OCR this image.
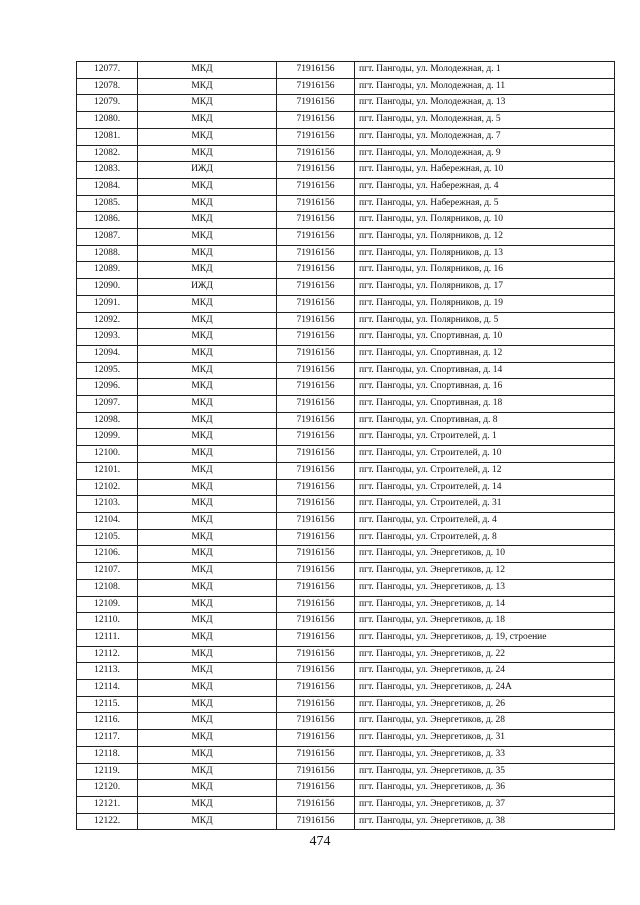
12077.	МКД	71916156	пгт. Пангоды, ул. Молодежная, д. 1
12078.	МКД	71916156	пгт. Пангоды, ул. Молодежная, д. 11
12079.	МКД	71916156	пгт. Пангоды, ул. Молодежная, д. 13
12080.	МКД	71916156	пгт. Пангоды, ул. Молодежная, д. 5
12081.	МКД	71916156	пгт. Пангоды, ул. Молодежная, д. 7
12082.	МКД	71916156	пгт. Пангоды, ул. Молодежная, д. 9
12083.	ИЖД	71916156	пгт. Пангоды, ул. Набережная, д. 10
12084.	МКД	71916156	пгт. Пангоды, ул. Набережная, д. 4
12085.	МКД	71916156	пгт. Пангоды, ул. Набережная, д. 5
12086.	МКД	71916156	пгт. Пангоды, ул. Полярников, д. 10
12087.	МКД	71916156	пгт. Пангоды, ул. Полярников, д. 12
12088.	МКД	71916156	пгт. Пангоды, ул. Полярников, д. 13
12089.	МКД	71916156	пгт. Пангоды, ул. Полярников, д. 16
12090.	ИЖД	71916156	пгт. Пангоды, ул. Полярников, д. 17
12091.	МКД	71916156	пгт. Пангоды, ул. Полярников, д. 19
12092.	МКД	71916156	пгт. Пангоды, ул. Полярников, д. 5
12093.	МКД	71916156	пгт. Пангоды, ул. Спортивная, д. 10
12094.	МКД	71916156	пгт. Пангоды, ул. Спортивная, д. 12
12095.	МКД	71916156	пгт. Пангоды, ул. Спортивная, д. 14
12096.	МКД	71916156	пгт. Пангоды, ул. Спортивная, д. 16
12097.	МКД	71916156	пгт. Пангоды, ул. Спортивная, д. 18
12098.	МКД	71916156	пгт. Пангоды, ул. Спортивная, д. 8
12099.	МКД	71916156	пгт. Пангоды, ул. Строителей, д. 1
12100.	МКД	71916156	пгт. Пангоды, ул. Строителей, д. 10
12101.	МКД	71916156	пгт. Пангоды, ул. Строителей, д. 12
12102.	МКД	71916156	пгт. Пангоды, ул. Строителей, д. 14
12103.	МКД	71916156	пгт. Пангоды, ул. Строителей, д. 31
12104.	МКД	71916156	пгт. Пангоды, ул. Строителей, д. 4
12105.	МКД	71916156	пгт. Пангоды, ул. Строителей, д. 8
12106.	МКД	71916156	пгт. Пангоды, ул. Энергетиков, д. 10
12107.	МКД	71916156	пгт. Пангоды, ул. Энергетиков, д. 12
12108.	МКД	71916156	пгт. Пангоды, ул. Энергетиков, д. 13
12109.	МКД	71916156	пгт. Пангоды, ул. Энергетиков, д. 14
12110.	МКД	71916156	пгт. Пангоды, ул. Энергетиков, д. 18
12111.	МКД	71916156	пгт. Пангоды, ул. Энергетиков, д. 19, строение
12112.	МКД	71916156	пгт. Пангоды, ул. Энергетиков, д. 22
12113.	МКД	71916156	пгт. Пангоды, ул. Энергетиков, д. 24
12114.	МКД	71916156	пгт. Пангоды, ул. Энергетиков, д. 24А
12115.	МКД	71916156	пгт. Пангоды, ул. Энергетиков, д. 26
12116.	МКД	71916156	пгт. Пангоды, ул. Энергетиков, д. 28
12117.	МКД	71916156	пгт. Пангоды, ул. Энергетиков, д. 31
12118.	МКД	71916156	пгт. Пангоды, ул. Энергетиков, д. 33
12119.	МКД	71916156	пгт. Пангоды, ул. Энергетиков, д. 35
12120.	МКД	71916156	пгт. Пангоды, ул. Энергетиков, д. 36
12121.	МКД	71916156	пгт. Пангоды, ул. Энергетиков, д. 37
12122.	МКД	71916156	пгт. Пангоды, ул. Энергетиков, д. 38
474
